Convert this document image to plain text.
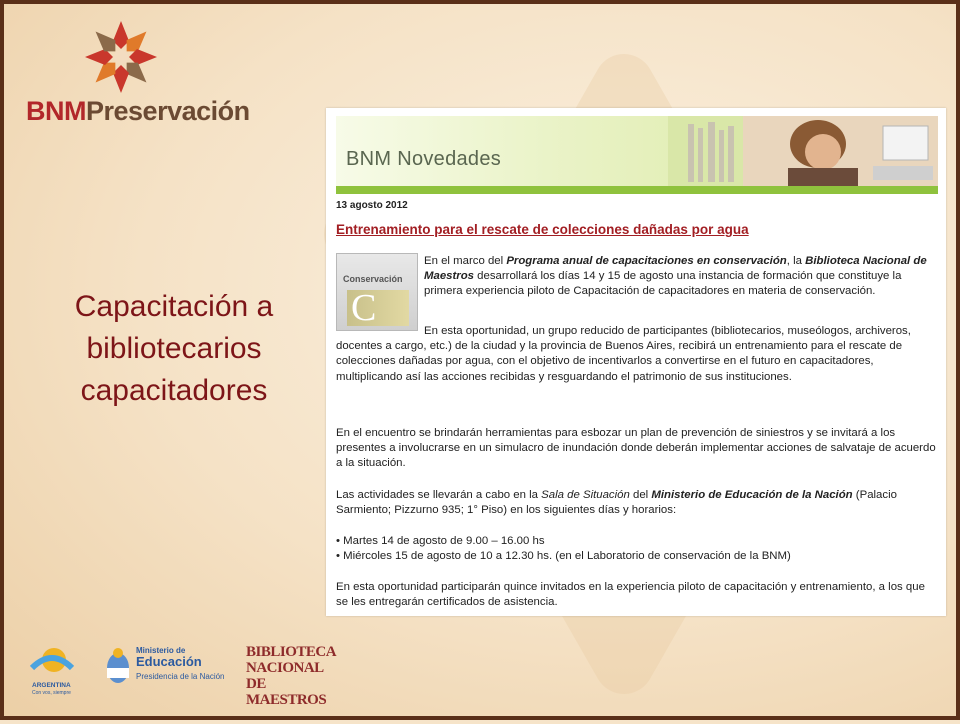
BNMPreservación
Capacitación a
bibliotecarios
capacitadores
BNM Novedades
13 agosto 2012
Entrenamiento para el rescate de colecciones dañadas por agua
Conservación
C

En el marco del Programa anual de capacitaciones en conservación, la Biblioteca Nacional de Maestros desarrollará los días 14 y 15 de agosto una instancia de formación que constituye la primera experiencia piloto de Capacitación de capacitadores en materia de conservación.

En esta oportunidad, un grupo reducido de participantes (bibliotecarios, museólogos, archiveros, docentes a cargo, etc.) de la ciudad y la provincia de Buenos Aires, recibirá un entrenamiento para el rescate de colecciones dañadas por agua, con el objetivo de incentivarlos a convertirse en el futuro en capacitadores, multiplicando así las acciones recibidas y resguardando el patrimonio de sus instituciones.

En el encuentro se brindarán herramientas para esbozar un plan de prevención de siniestros y se invitará a los presentes a involucrarse en un simulacro de inundación donde deberán implementar acciones de salvataje de acuerdo a la situación.

Las actividades se llevarán a cabo en la Sala de Situación del Ministerio de Educación de la Nación (Palacio Sarmiento; Pizzurno 935; 1° Piso) en los siguientes días y horarios:

• Martes 14 de agosto de 9.00 – 16.00 hs
• Miércoles 15 de agosto de 10 a 12.30 hs. (en el Laboratorio de conservación de la BNM)

En esta oportunidad participarán quince invitados en la experiencia piloto de capacitación y entrenamiento, a los que se les entregarán certificados de asistencia.

ARGENTINA
Con vos, siempre
Ministerio de
Educación
Presidencia de la Nación
BIBLIOTECA
NACIONAL
DE MAESTROS
